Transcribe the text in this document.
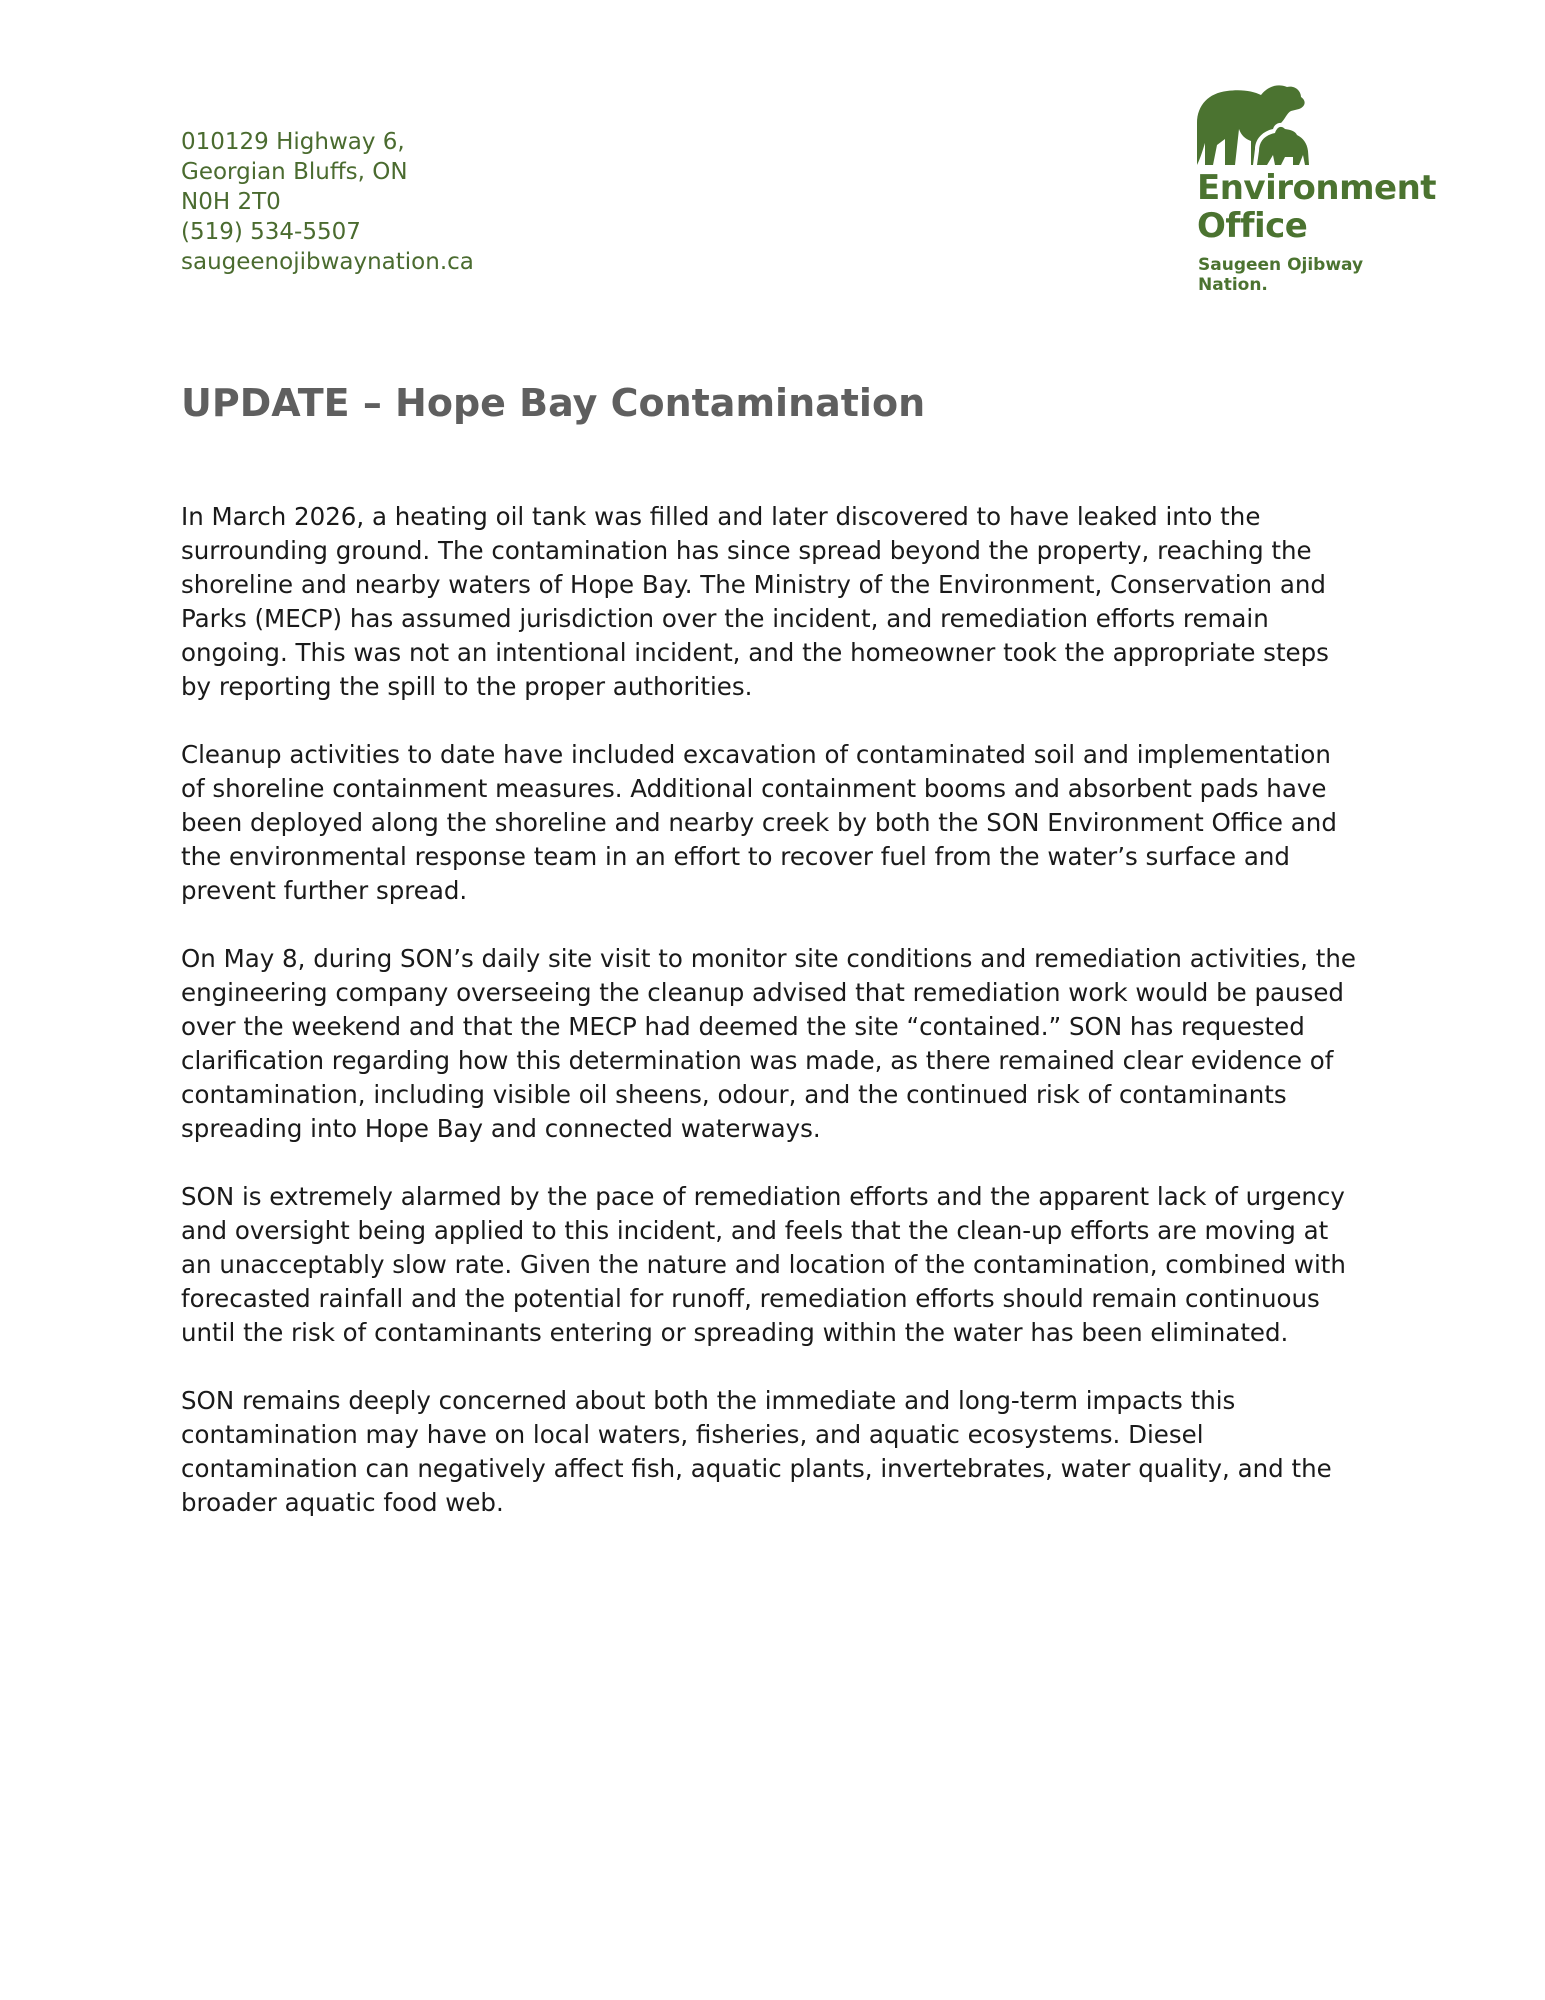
010129 Highway 6,
Georgian Bluffs, ON
N0H 2T0
(519) 534-5507
saugeenojibwaynation.ca
Environment
Office
Saugeen Ojibway
Nation.
UPDATE – Hope Bay Contamination

In March 2026, a heating oil tank was filled and later discovered to have leaked into the surrounding ground. The contamination has since spread beyond the property, reaching the shoreline and nearby waters of Hope Bay. The Ministry of the Environment, Conservation and Parks (MECP) has assumed jurisdiction over the incident, and remediation efforts remain ongoing. This was not an intentional incident, and the homeowner took the appropriate steps by reporting the spill to the proper authorities.

Cleanup activities to date have included excavation of contaminated soil and implementation of shoreline containment measures. Additional containment booms and absorbent pads have been deployed along the shoreline and nearby creek by both the SON Environment Office and the environmental response team in an effort to recover fuel from the water’s surface and prevent further spread.

On May 8, during SON’s daily site visit to monitor site conditions and remediation activities, the engineering company overseeing the cleanup advised that remediation work would be paused over the weekend and that the MECP had deemed the site “contained.” SON has requested clarification regarding how this determination was made, as there remained clear evidence of contamination, including visible oil sheens, odour, and the continued risk of contaminants spreading into Hope Bay and connected waterways.

SON is extremely alarmed by the pace of remediation efforts and the apparent lack of urgency and oversight being applied to this incident, and feels that the clean-up efforts are moving at an unacceptably slow rate. Given the nature and location of the contamination, combined with forecasted rainfall and the potential for runoff, remediation efforts should remain continuous until the risk of contaminants entering or spreading within the water has been eliminated.

SON remains deeply concerned about both the immediate and long-term impacts this contamination may have on local waters, fisheries, and aquatic ecosystems. Diesel contamination can negatively affect fish, aquatic plants, invertebrates, water quality, and the broader aquatic food web.
